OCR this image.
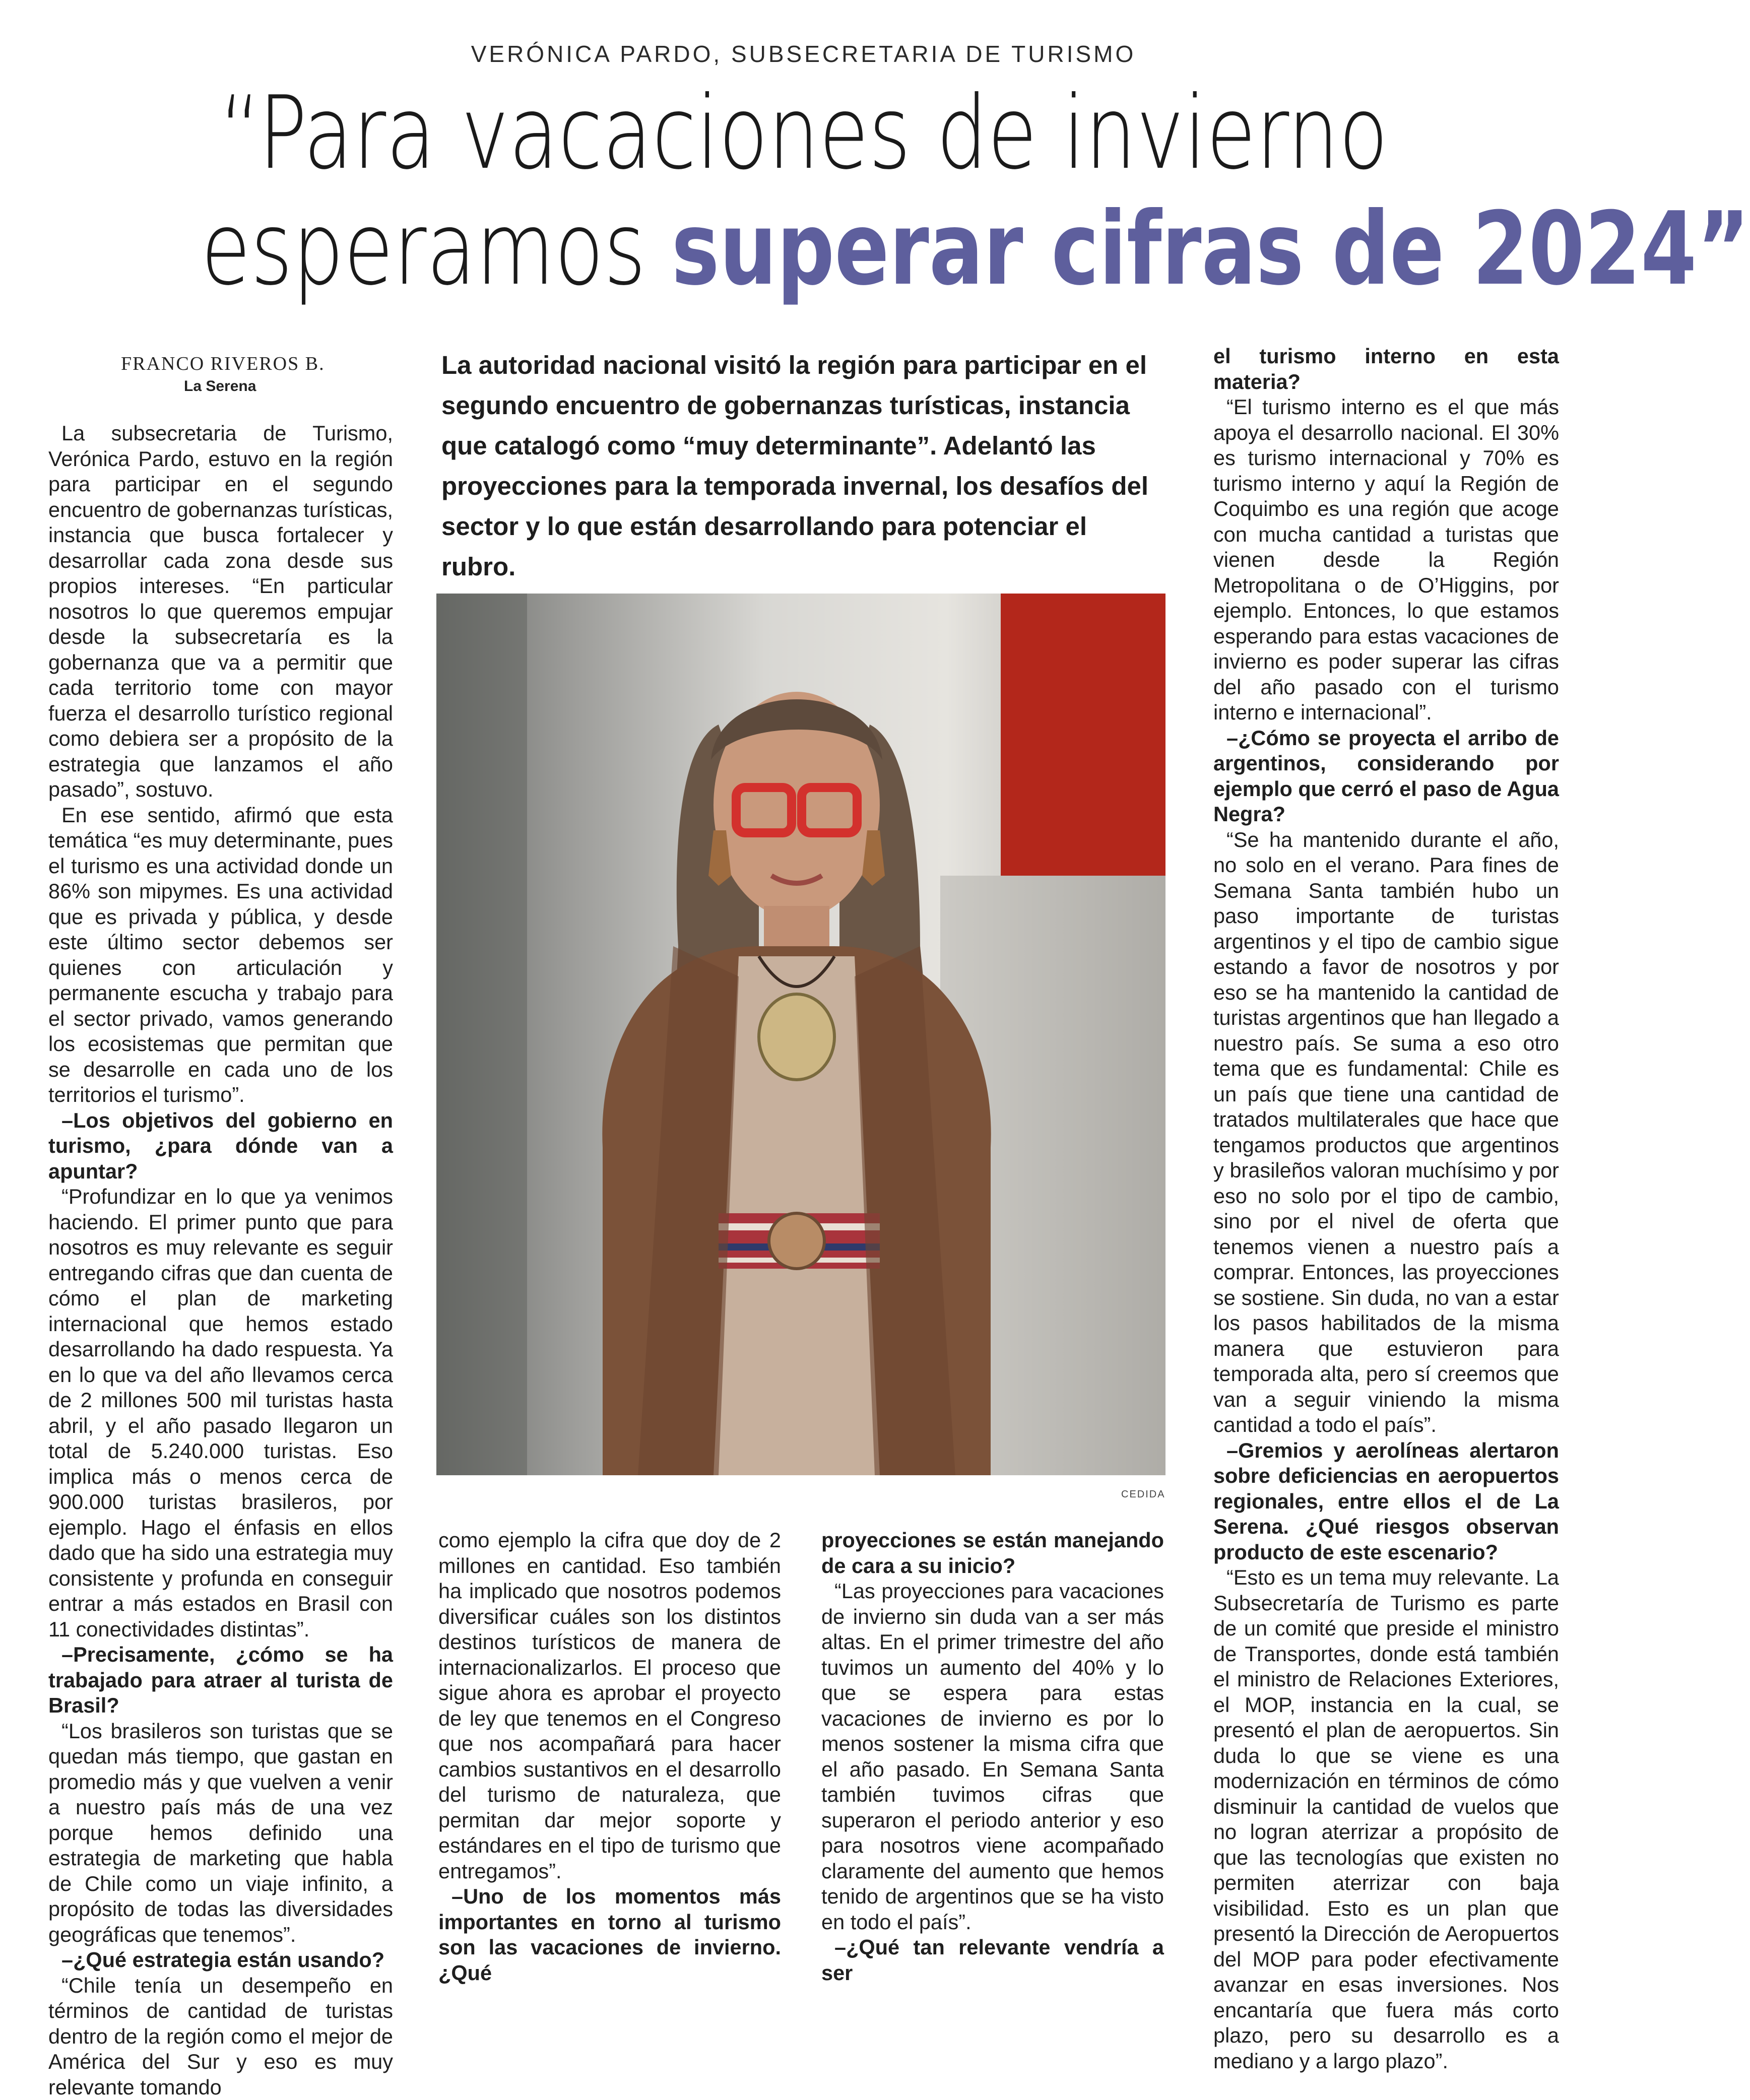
VERÓNICA PARDO, SUBSECRETARIA DE TURISMO
“Para vacaciones de invierno
esperamos superar cifras de 2024”
FRANCO RIVEROS B.
La Serena
La autoridad nacional visitó la región para participar en el segundo encuentro de gobernanzas turísticas, instancia que catalogó como “muy determinante”. Adelantó las proyecciones para la temporada invernal, los desafíos del sector y lo que están desarrollando para potenciar el rubro.
CEDIDA

La subsecretaria de Turismo, Verónica Pardo, estuvo en la región para participar en el segundo encuentro de gobernanzas turísticas, instancia que busca fortalecer y desarrollar cada zona desde sus propios intereses. “En particular nosotros lo que queremos empujar desde la subsecretaría es la gobernanza que va a permitir que cada territorio tome con mayor fuerza el desarrollo turístico regional como debiera ser a propósito de la estrategia que lanzamos el año pasado”, sostuvo.

En ese sentido, afirmó que esta temática “es muy determinante, pues el turismo es una actividad donde un 86% son mipymes. Es una actividad que es privada y pública, y desde este último sector debemos ser quienes con articulación y permanente escucha y trabajo para el sector privado, vamos generando los ecosistemas que permitan que se desarrolle en cada uno de los territorios el turismo”.

–Los objetivos del gobierno en turismo, ¿para dónde van a apuntar?

“Profundizar en lo que ya venimos haciendo. El primer punto que para nosotros es muy relevante es seguir entregando cifras que dan cuenta de cómo el plan de marketing internacional que hemos estado desarrollando ha dado respuesta. Ya en lo que va del año llevamos cerca de 2 millones 500 mil turistas hasta abril, y el año pasado llegaron un total de 5.240.000 turistas. Eso implica más o menos cerca de 900.000 turistas brasileros, por ejemplo. Hago el énfasis en ellos dado que ha sido una estrategia muy consistente y profunda en conseguir entrar a más estados en Brasil con 11 conectividades distintas”.

–Precisamente, ¿cómo se ha trabajado para atraer al turista de Brasil?

“Los brasileros son turistas que se quedan más tiempo, que gastan en promedio más y que vuelven a venir a nuestro país más de una vez porque hemos definido una estrategia de marketing que habla de Chile como un viaje infinito, a propósito de todas las diversidades geográficas que tenemos”.

–¿Qué estrategia están usando?

“Chile tenía un desempeño en términos de cantidad de turistas dentro de la región como el mejor de América del Sur y eso es muy relevante tomando

como ejemplo la cifra que doy de 2 millones en cantidad. Eso también ha implicado que nosotros podemos diversificar cuáles son los distintos destinos turísticos de manera de internacionalizarlos. El proceso que sigue ahora es aprobar el proyecto de ley que tenemos en el Congreso que nos acompañará para hacer cambios sustantivos en el desarrollo del turismo de naturaleza, que permitan dar mejor soporte y estándares en el tipo de turismo que entregamos”.

–Uno de los momentos más importantes en torno al turismo son las vacaciones de invierno. ¿Qué

proyecciones se están manejando de cara a su inicio?

“Las proyecciones para vacaciones de invierno sin duda van a ser más altas. En el primer trimestre del año tuvimos un aumento del 40% y lo que se espera para estas vacaciones de invierno es por lo menos sostener la misma cifra que el año pasado. En Semana Santa también tuvimos cifras que superaron el periodo anterior y eso para nosotros viene acompañado claramente del aumento que hemos tenido de argentinos que se ha visto en todo el país”.

–¿Qué tan relevante vendría a ser

el turismo interno en esta materia?

“El turismo interno es el que más apoya el desarrollo nacional. El 30% es turismo internacional y 70% es turismo interno y aquí la Región de Coquimbo es una región que acoge con mucha cantidad a turistas que vienen desde la Región Metropolitana o de O’Higgins, por ejemplo. Entonces, lo que estamos esperando para estas vacaciones de invierno es poder superar las cifras del año pasado con el turismo interno e internacional”.

–¿Cómo se proyecta el arribo de argentinos, considerando por ejemplo que cerró el paso de Agua Negra?

“Se ha mantenido durante el año, no solo en el verano. Para fines de Semana Santa también hubo un paso importante de turistas argentinos y el tipo de cambio sigue estando a favor de nosotros y por eso se ha mantenido la cantidad de turistas argentinos que han llegado a nuestro país. Se suma a eso otro tema que es fundamental: Chile es un país que tiene una cantidad de tratados multilaterales que hace que tengamos productos que argentinos y brasileños valoran muchísimo y por eso no solo por el tipo de cambio, sino por el nivel de oferta que tenemos vienen a nuestro país a comprar. Entonces, las proyecciones se sostiene. Sin duda, no van a estar los pasos habilitados de la misma manera que estuvieron para temporada alta, pero sí creemos que van a seguir viniendo la misma cantidad a todo el país”.

–Gremios y aerolíneas alertaron sobre deficiencias en aeropuertos regionales, entre ellos el de La Serena. ¿Qué riesgos observan producto de este escenario?

“Esto es un tema muy relevante. La Subsecretaría de Turismo es parte de un comité que preside el ministro de Transportes, donde está también el ministro de Relaciones Exteriores, el MOP, instancia en la cual, se presentó el plan de aeropuertos. Sin duda lo que se viene es una modernización en términos de cómo disminuir la cantidad de vuelos que no logran aterrizar a propósito de que las tecnologías que existen no permiten aterrizar con baja visibilidad. Esto es un plan que presentó la Dirección de Aeropuertos del MOP para poder efectivamente avanzar en esas inversiones. Nos encantaría que fuera más corto plazo, pero su desarrollo es a mediano y a largo plazo”.
